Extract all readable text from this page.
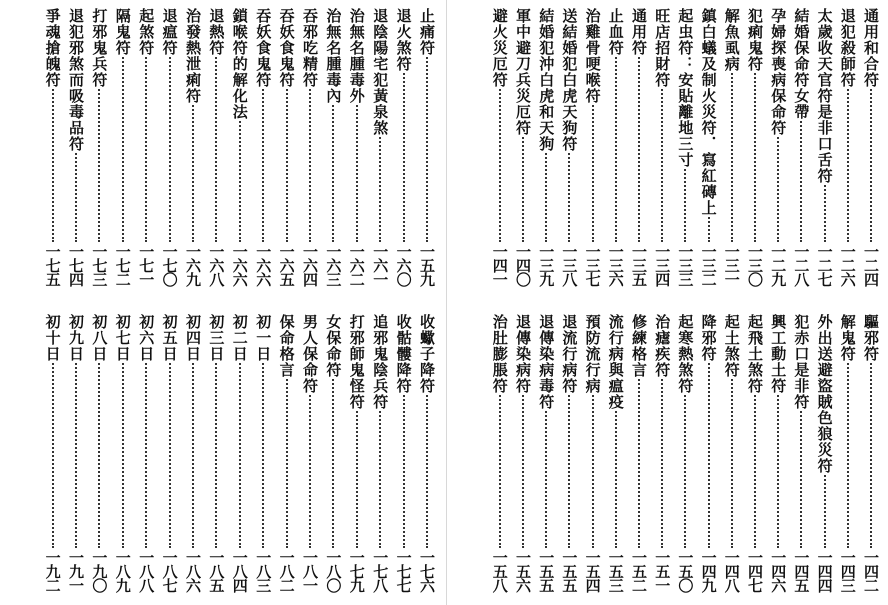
止痛符
一五九
退火煞符
一六〇
退陰陽宅犯黃泉煞
一六一
治無名腫毒外
一六二
治無名腫毒內
一六三
吞邪吃精符
一六四
吞妖食鬼符
一六五
吞妖食鬼符
一六六
鎖喉符的解化法
一六六
退熱符
一六八
治發熱泄痢符
一六九
退瘟符
一七〇
起煞符
一七一
隔鬼符
一七二
打邪鬼兵符
一七三
退犯邪煞而吸毒品符
一七四
爭魂搶魄符
一七五
收蠍子降符
一七六
收骷髏降符
一七七
追邪鬼陰兵符
一七八
打邪師鬼怪符
一七九
女保命符
一八〇
男人保命符
一八一
保命格言
一八二
初一日
一八三
初二日
一八四
初三日
一八五
初四日
一八六
初五日
一八七
初六日
一八八
初七日
一八九
初八日
一九〇
初九日
一九一
初十日
一九二
通用和合符
一二四
退犯殺師符
一二六
太歲收天官符是非口舌符
一二七
結婚保命符女帶
一二八
孕婦探喪病保命符
一二九
犯痢鬼符
一三〇
解魚虱病
一三一
鎮白蟻及制火災符．寫紅磚上
一三二
起虫符：安貼離地三寸
一三三
旺店招財符
一三四
通用符
一三五
止血符
一三六
治雞骨哽喉符
一三七
送結婚犯白虎天狗符
一三八
結婚犯沖白虎和天狗
一三九
軍中避刀兵災厄符
一四〇
避火災厄符
一四一
驅邪符
一四二
解鬼符
一四三
外出送避盜賊色狼災符
一四四
犯赤口是非符
一四五
興工動土符
一四六
起飛土煞符
一四七
起土煞符
一四八
降邪符
一四九
起寒熱煞符
一五〇
治瘧疾符
一五一
修練格言
一五二
流行病與瘟疫
一五三
預防流行病
一五四
退流行病符
一五五
退傳染病毒符
一五五
退傳染病符
一五六
治肚膨脹符
一五八
